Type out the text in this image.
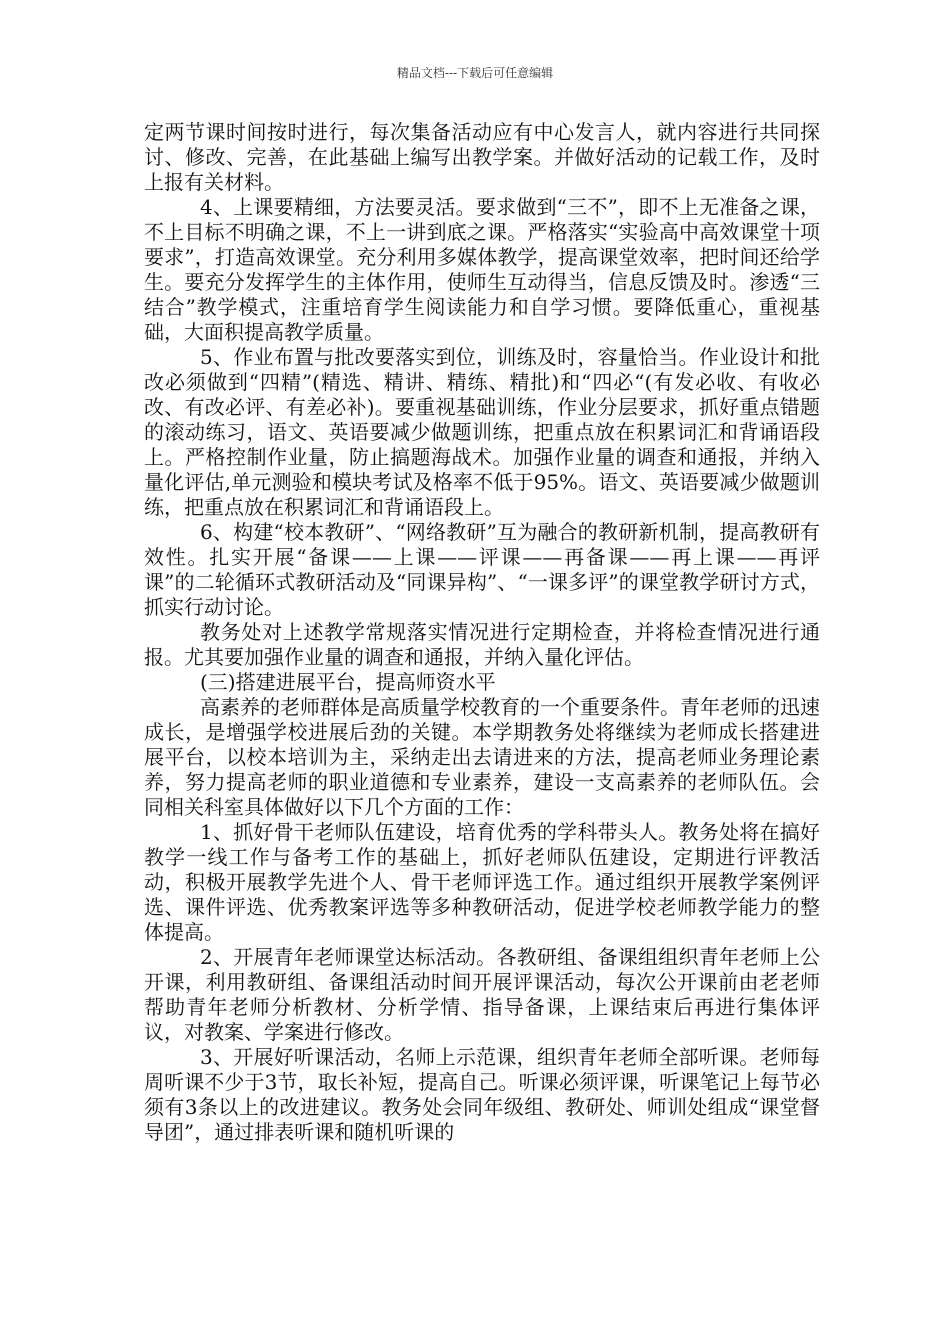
精品文档---下载后可任意编辑

定两节课时间按时进行，每次集备活动应有中心发言人，就内容进行共同探讨、修改、完善，在此基础上编写出教学案。并做好活动的记载工作，及时上报有关材料。

4、上课要精细，方法要灵活。要求做到“三不”，即不上无准备之课，不上目标不明确之课，不上一讲到底之课。严格落实“实验高中高效课堂十项要求”，打造高效课堂。充分利用多媒体教学，提高课堂效率，把时间还给学生。要充分发挥学生的主体作用，使师生互动得当，信息反馈及时。渗透“三结合”教学模式，注重培育学生阅读能力和自学习惯。要降低重心，重视基础，大面积提高教学质量。

5、作业布置与批改要落实到位，训练及时，容量恰当。作业设计和批改必须做到“四精”(精选、精讲、精练、精批)和“四必“(有发必收、有收必改、有改必评、有差必补)。要重视基础训练，作业分层要求，抓好重点错题的滚动练习，语文、英语要减少做题训练，把重点放在积累词汇和背诵语段上。严格控制作业量，防止搞题海战术。加强作业量的调查和通报，并纳入量化评估,单元测验和模块考试及格率不低于95%。语文、英语要减少做题训练，把重点放在积累词汇和背诵语段上。

6、构建“校本教研”、“网络教研”互为融合的教研新机制，提高教研有效性。扎实开展“备课——上课——评课——再备课——再上课——再评课”的二轮循环式教研活动及“同课异构”、“一课多评”的课堂教学研讨方式，抓实行动讨论。

教务处对上述教学常规落实情况进行定期检查，并将检查情况进行通报。尤其要加强作业量的调查和通报，并纳入量化评估。

(三)搭建进展平台，提高师资水平

高素养的老师群体是高质量学校教育的一个重要条件。青年老师的迅速成长，是增强学校进展后劲的关键。本学期教务处将继续为老师成长搭建进展平台，以校本培训为主，采纳走出去请进来的方法，提高老师业务理论素养，努力提高老师的职业道德和专业素养，建设一支高素养的老师队伍。会同相关科室具体做好以下几个方面的工作：

1、抓好骨干老师队伍建设，培育优秀的学科带头人。教务处将在搞好教学一线工作与备考工作的基础上，抓好老师队伍建设，定期进行评教活动，积极开展教学先进个人、骨干老师评选工作。通过组织开展教学案例评选、课件评选、优秀教案评选等多种教研活动，促进学校老师教学能力的整体提高。

2、开展青年老师课堂达标活动。各教研组、备课组组织青年老师上公开课，利用教研组、备课组活动时间开展评课活动，每次公开课前由老老师帮助青年老师分析教材、分析学情、指导备课，上课结束后再进行集体评议，对教案、学案进行修改。

3、开展好听课活动，名师上示范课，组织青年老师全部听课。老师每周听课不少于3节，取长补短，提高自己。听课必须评课，听课笔记上每节必须有3条以上的改进建议。教务处会同年级组、教研处、师训处组成“课堂督导团”，通过排表听课和随机听课的
